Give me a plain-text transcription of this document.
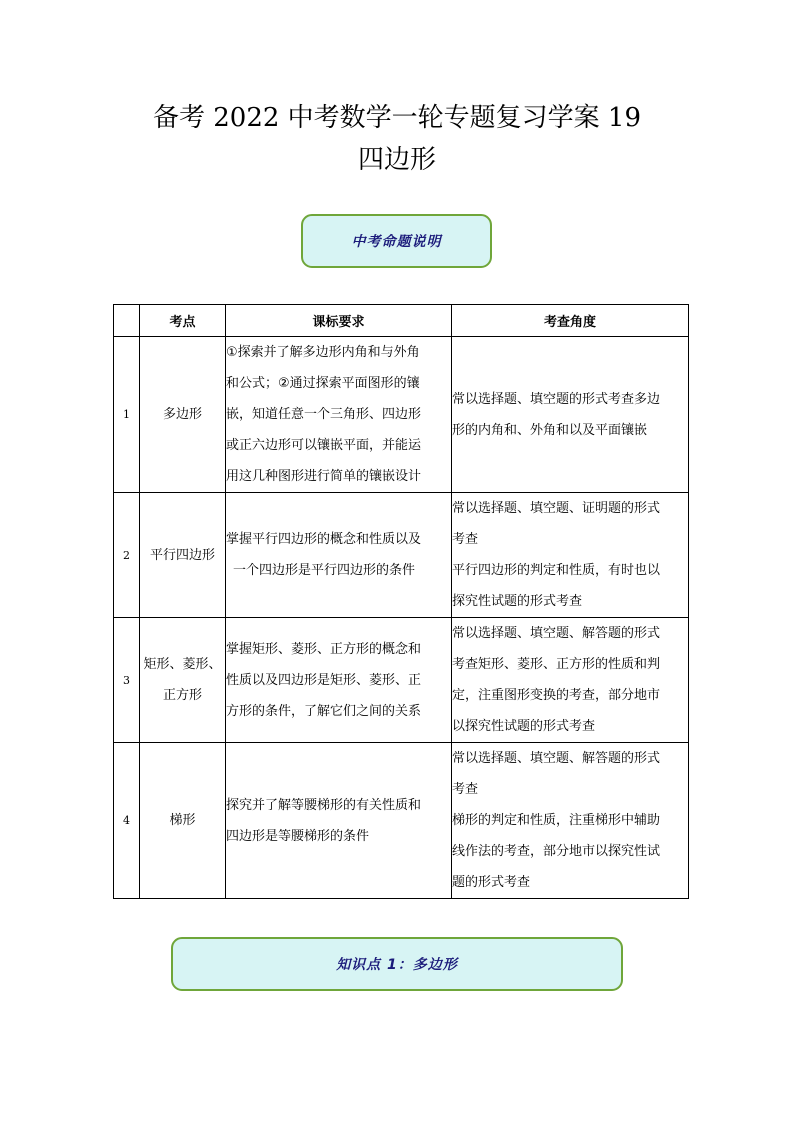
备考 2022 中考数学一轮专题复习学案 19
四边形
中考命题说明
	考点	课标要求	考查角度
1	多边形	①探索并了解多边形内角和与外角
和公式；②通过探索平面图形的镶
嵌，知道任意一个三角形、四边形
或正六边形可以镶嵌平面，并能运
用这几种图形进行简单的镶嵌设计	常以选择题、填空题的形式考查多边
形的内角和、外角和以及平面镶嵌

2	平行四边形	掌握平行四边形的概念和性质以及
一个四边形是平行四边形的条件	常以选择题、填空题、证明题的形式
考查
平行四边形的判定和性质，有时也以
探究性试题的形式考查

3	矩形、菱形、
正方形	掌握矩形、菱形、正方形的概念和
性质以及四边形是矩形、菱形、正
方形的条件，了解它们之间的关系	常以选择题、填空题、解答题的形式
考查矩形、菱形、正方形的性质和判
定，注重图形变换的考查，部分地市
以探究性试题的形式考查

4	梯形	探究并了解等腰梯形的有关性质和
四边形是等腰梯形的条件	常以选择题、填空题、解答题的形式
考查
梯形的判定和性质，注重梯形中辅助
线作法的考查，部分地市以探究性试
题的形式考查
知识点 1：多边形
